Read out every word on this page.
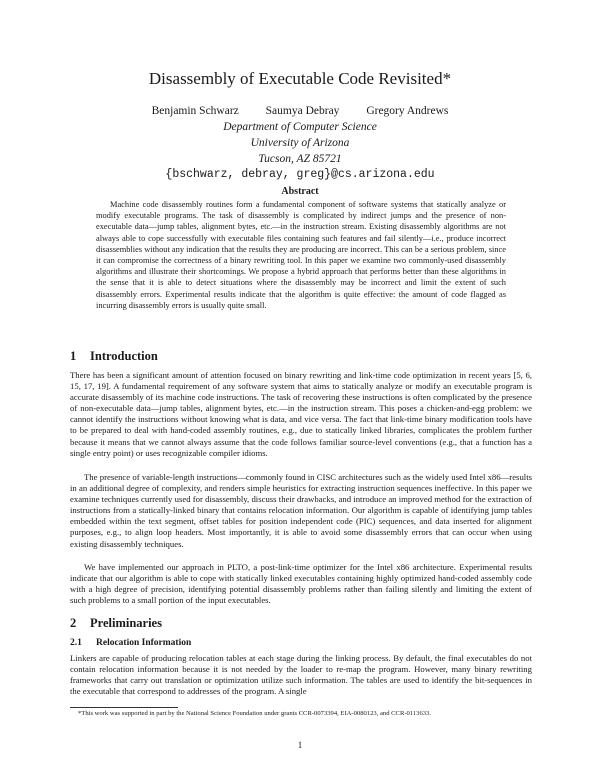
Disassembly of Executable Code Revisited*
Benjamin Schwarz Saumya Debray Gregory Andrews
Department of Computer Science
University of Arizona
Tucson, AZ 85721
{bschwarz, debray, greg}@cs.arizona.edu
Abstract

Machine code disassembly routines form a fundamental component of software systems that statically analyze or modify executable programs. The task of disassembly is complicated by indirect jumps and the presence of non-executable data—jump tables, alignment bytes, etc.—in the instruction stream. Existing disassembly algorithms are not always able to cope successfully with executable files containing such features and fail silently—i.e., produce incorrect disassemblies without any indication that the results they are producing are incorrect. This can be a serious problem, since it can compromise the correctness of a binary rewriting tool. In this paper we examine two commonly-used disassembly algorithms and illustrate their shortcomings. We propose a hybrid approach that performs better than these algorithms in the sense that it is able to detect situations where the disassembly may be incorrect and limit the extent of such disassembly errors. Experimental results indicate that the algorithm is quite effective: the amount of code flagged as incurring disassembly errors is usually quite small.

1 Introduction

There has been a significant amount of attention focused on binary rewriting and link-time code optimization in recent years [5, 6, 15, 17, 19]. A fundamental requirement of any software system that aims to statically analyze or modify an executable program is accurate disassembly of its machine code instructions. The task of recovering these instructions is often complicated by the presence of non-executable data—jump tables, alignment bytes, etc.—in the instruction stream. This poses a chicken-and-egg problem: we cannot identify the instructions without knowing what is data, and vice versa. The fact that link-time binary modification tools have to be prepared to deal with hand-coded assembly routines, e.g., due to statically linked libraries, complicates the problem further because it means that we cannot always assume that the code follows familiar source-level conventions (e.g., that a function has a single entry point) or uses recognizable compiler idioms.

The presence of variable-length instructions—commonly found in CISC architectures such as the widely used Intel x86—results in an additional degree of complexity, and renders simple heuristics for extracting instruction sequences ineffective. In this paper we examine techniques currently used for disassembly, discuss their drawbacks, and introduce an improved method for the extraction of instructions from a statically-linked binary that contains relocation information. Our algorithm is capable of identifying jump tables embedded within the text segment, offset tables for position independent code (PIC) sequences, and data inserted for alignment purposes, e.g., to align loop headers. Most importantly, it is able to avoid some disassembly errors that can occur when using existing disassembly techniques.

We have implemented our approach in PLTO, a post-link-time optimizer for the Intel x86 architecture. Experimental results indicate that our algorithm is able to cope with statically linked executables containing highly optimized hand-coded assembly code with a high degree of precision, identifying potential disassembly problems rather than failing silently and limiting the extent of such problems to a small portion of the input executables.

2 Preliminaries
2.1 Relocation Information

Linkers are capable of producing relocation tables at each stage during the linking process. By default, the final executables do not contain relocation information because it is not needed by the loader to re-map the program. However, many binary rewriting frameworks that carry out translation or optimization utilize such information. The tables are used to identify the bit-sequences in the executable that correspond to addresses of the program. A single

*This work was supported in part by the National Science Foundation under grants CCR-0073394, EIA-0080123, and CCR-0113633.

1
